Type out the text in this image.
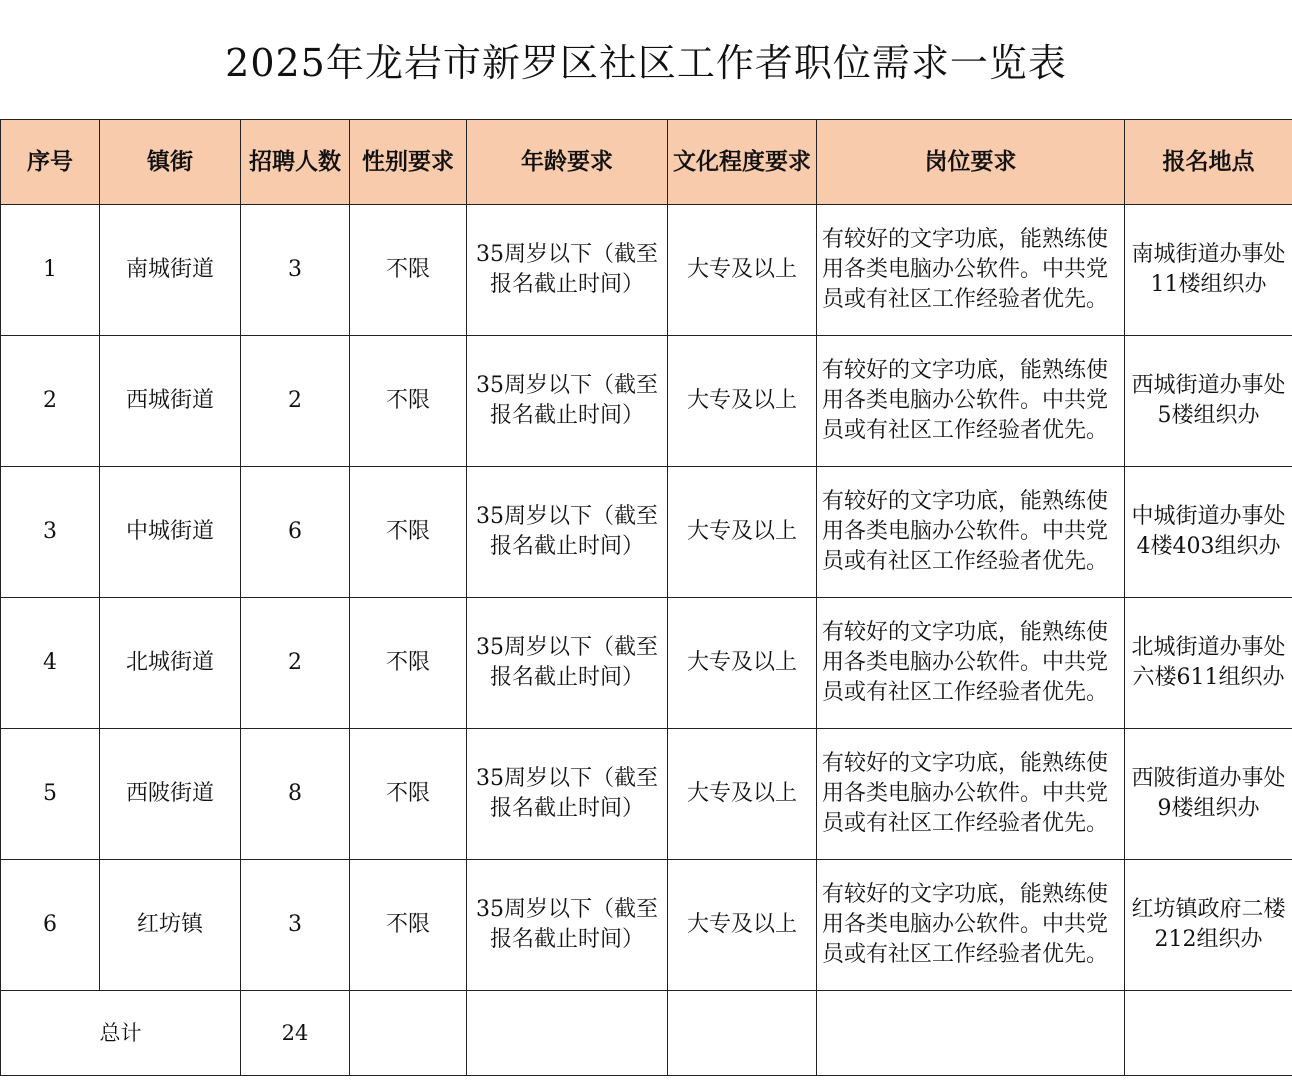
2025年龙岩市新罗区社区工作者职位需求一览表
序号	镇街	招聘人数	性别要求	年龄要求	文化程度要求	岗位要求	报名地点
1	南城街道	3	不限	35周岁以下（截至报名截止时间）	大专及以上	有较好的文字功底，能熟练使用各类电脑办公软件。中共党员或有社区工作经验者优先。	南城街道办事处11楼组织办
2	西城街道	2	不限	35周岁以下（截至报名截止时间）	大专及以上	有较好的文字功底，能熟练使用各类电脑办公软件。中共党员或有社区工作经验者优先。	西城街道办事处5楼组织办
3	中城街道	6	不限	35周岁以下（截至报名截止时间）	大专及以上	有较好的文字功底，能熟练使用各类电脑办公软件。中共党员或有社区工作经验者优先。	中城街道办事处4楼403组织办
4	北城街道	2	不限	35周岁以下（截至报名截止时间）	大专及以上	有较好的文字功底，能熟练使用各类电脑办公软件。中共党员或有社区工作经验者优先。	北城街道办事处六楼611组织办
5	西陂街道	8	不限	35周岁以下（截至报名截止时间）	大专及以上	有较好的文字功底，能熟练使用各类电脑办公软件。中共党员或有社区工作经验者优先。	西陂街道办事处9楼组织办
6	红坊镇	3	不限	35周岁以下（截至报名截止时间）	大专及以上	有较好的文字功底，能熟练使用各类电脑办公软件。中共党员或有社区工作经验者优先。	红坊镇政府二楼212组织办
总计		24					
